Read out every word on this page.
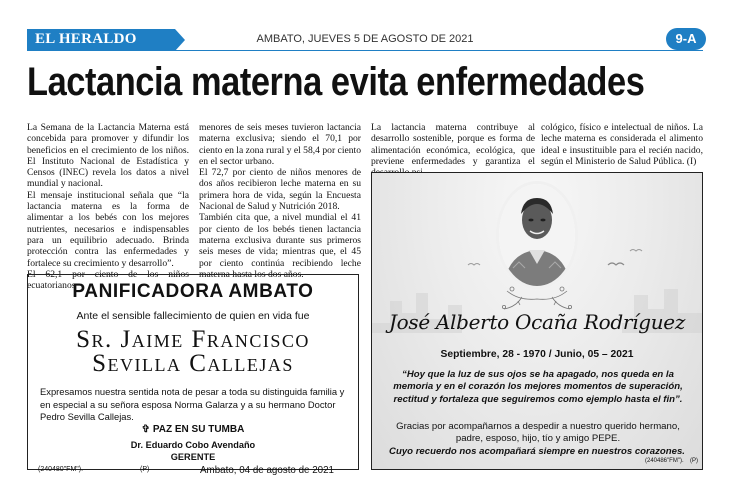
EL HERALDO	AMBATO, JUEVES 5 DE AGOSTO DE 2021	9-A
Lactancia materna evita enfermedades

La Semana de la Lactancia Materna está concebida para promover y difundir los beneficios en el crecimiento de los niños. El Instituto Nacional de Estadística y Censos (INEC) revela los datos a nivel mundial y nacional.

El mensaje institucional señala que “la lactancia materna es la forma de alimentar a los bebés con los mejores nutrientes, necesarios e indispensables para un equilibrio adecuado. Brinda protección contra las enfermedades y fortalece su crecimiento y desarrollo”.

El 62,1 por ciento de los niños ecuatorianos

menores de seis meses tuvieron lactancia materna exclusiva; siendo el 70,1 por ciento en la zona rural y el 58,4 por ciento en el sector urbano.

El 72,7 por ciento de niños menores de dos años recibieron leche materna en su primera hora de vida, según la Encuesta Nacional de Salud y Nutrición 2018.

También cita que, a nivel mundial el 41 por ciento de los bebés tienen lactancia materna exclusiva durante sus primeros seis meses de vida; mientras que, el 45 por ciento continúa recibiendo leche materna hasta los dos años.

La lactancia materna contribuye al desarrollo sostenible, porque es forma de alimentación económica, ecológica, que previene enfermedades y garantiza el

cológico, físico e intelectual de niños. La leche materna es considerada el alimento ideal e insustituible para el recién nacido, según el Ministerio de Salud Pública. (I)

PANIFICADORA AMBATO
Ante el sensible fallecimiento de quien en vida fue
Sr. Jaime Francisco
Sevilla Callejas
Expresamos nuestra sentida nota de pesar a toda su distinguida familia y en especial a su señora esposa Norma Galarza y a su hermano Doctor Pedro Sevilla Callejas.
✞ PAZ EN SU TUMBA
Dr. Eduardo Cobo Avendaño
GERENTE
Ambato, 04 de agosto de 2021
(240480"FM").	(P)
José Alberto Ocaña Rodríguez
Septiembre, 28 - 1970 / Junio, 05 – 2021
“Hoy que la luz de sus ojos se ha apagado, nos queda en la memoria y en el corazón los mejores momentos de superación, rectitud y fortaleza que seguiremos como ejemplo hasta el fin”.
Gracias por acompañarnos a despedir a nuestro querido hermano, padre, esposo, hijo, tío y amigo PEPE.
Cuyo recuerdo nos acompañará siempre en nuestros corazones.
(240486"FM"). (P)
